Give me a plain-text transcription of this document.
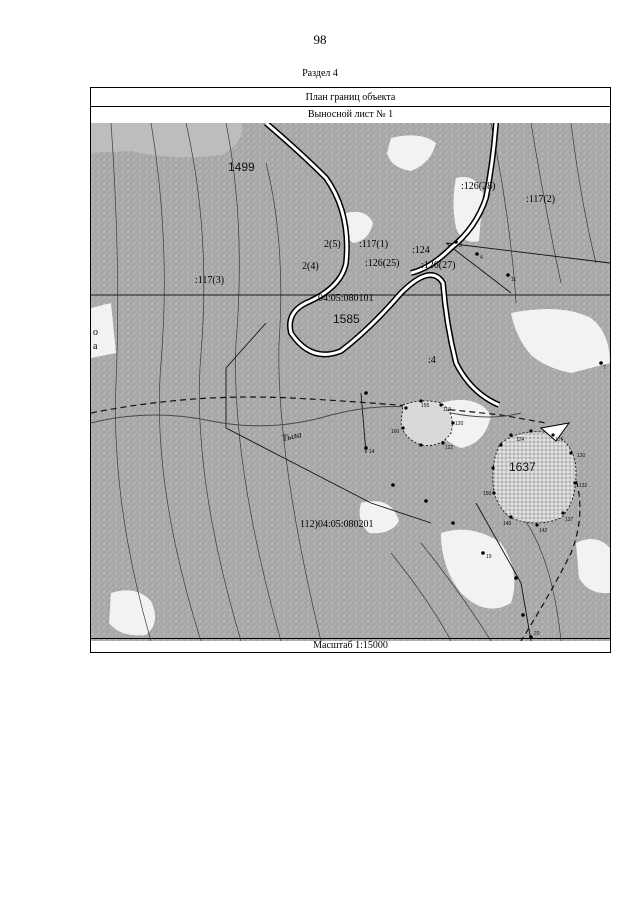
98
Раздел 4
План границ объекта
Выносной лист № 1
3
4
7
11
14
19
20
118
120
122
124	126
130
132
137
142
145
150
155
160
1499
1585
1637
:126(28)
:117(2)
:117(1)
2(5)
:124
2(4)	:126(25) :126(27)
:117(3)
04:05:080101
:4
112)04:05:080201
Тыла
о
а
Масштаб 1:15000
